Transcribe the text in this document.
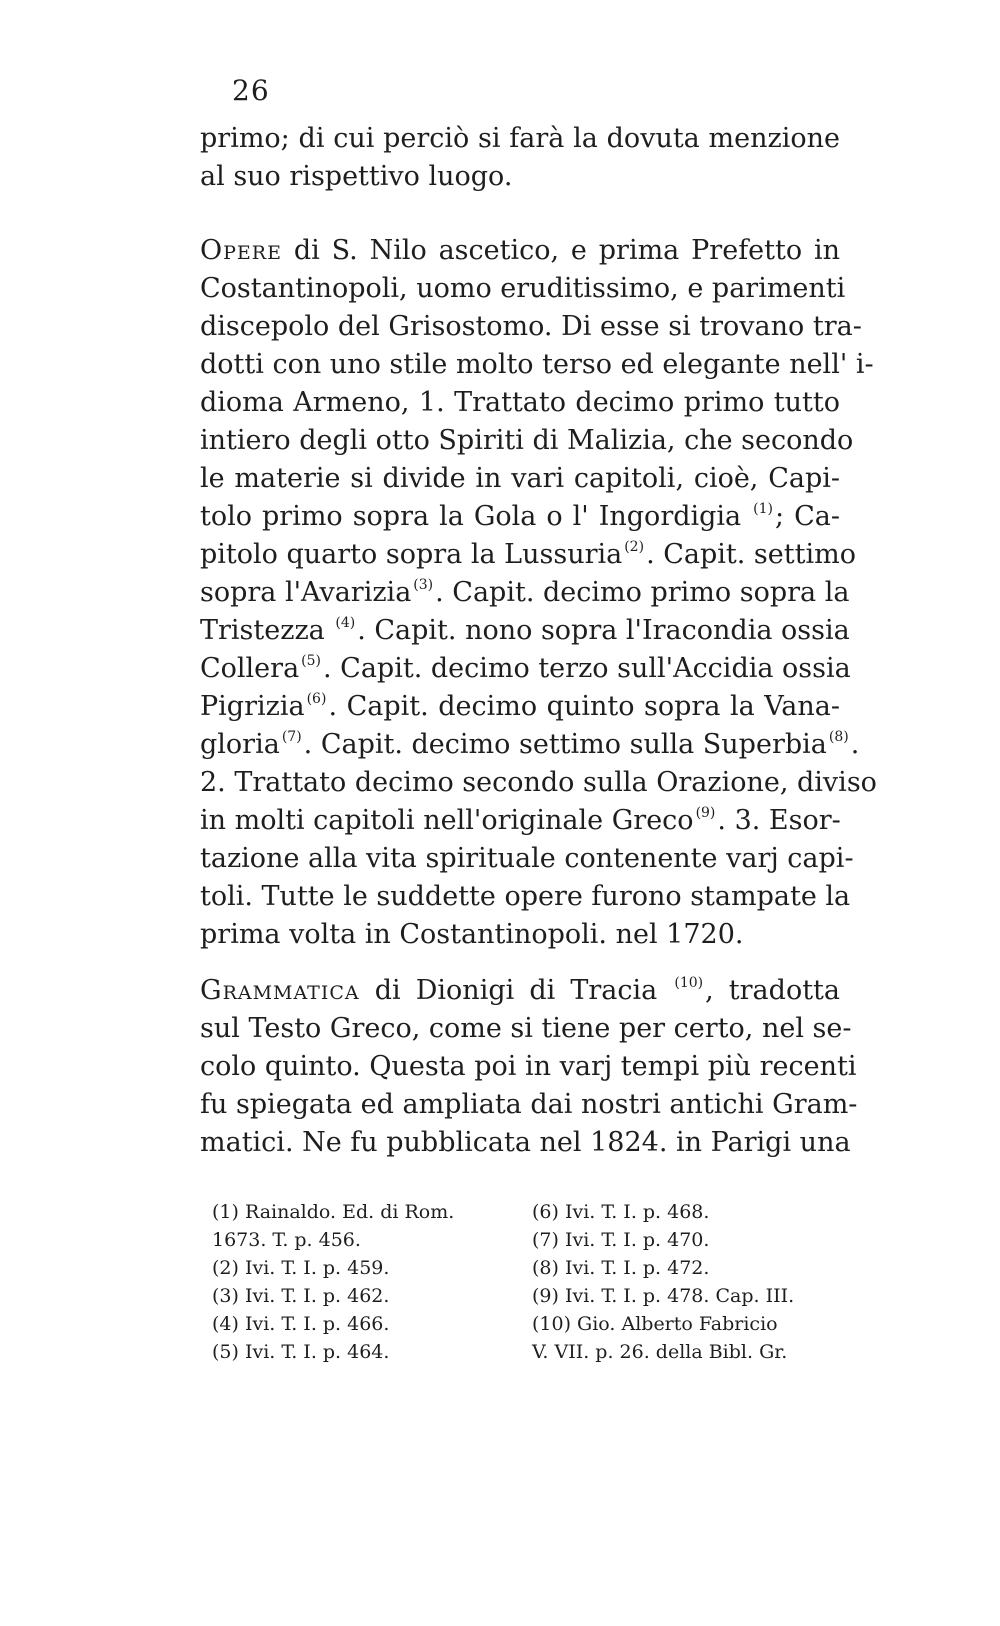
26
primo; di cui perciò si farà la dovuta menzione
al suo rispettivo luogo.
Opere di S. Nilo ascetico, e prima Prefetto in
Costantinopoli, uomo eruditissimo, e parimenti
discepolo del Grisostomo. Di esse si trovano tra-
dotti con uno stile molto terso ed elegante nell' i-
dioma Armeno, 1. Trattato decimo primo tutto
intiero degli otto Spiriti di Malizia, che secondo
le materie si divide in vari capitoli, cioè, Capi-
tolo primo sopra la Gola o l' Ingordigia $^{(1)}$; Ca-
pitolo quarto sopra la Lussuria $^{(2)}$. Capit. settimo
sopra l'Avarizia $^{(3)}$. Capit. decimo primo sopra la
Tristezza $^{(4)}$. Capit. nono sopra l'Iracondia ossia
Collera $^{(5)}$. Capit. decimo terzo sull'Accidia ossia
Pigrizia $^{(6)}$. Capit. decimo quinto sopra la Vana-
gloria $^{(7)}$. Capit. decimo settimo sulla Superbia $^{(8)}$.
2. Trattato decimo secondo sulla Orazione, diviso
in molti capitoli nell'originale Greco $^{(9)}$. 3. Esor-
tazione alla vita spirituale contenente varj capi-
toli. Tutte le suddette opere furono stampate la
prima volta in Costantinopoli. nel 1720.
Grammatica di Dionigi di Tracia $^{(10)}$, tradotta
sul Testo Greco, come si tiene per certo, nel se-
colo quinto. Questa poi in varj tempi più recenti
fu spiegata ed ampliata dai nostri antichi Gram-
matici. Ne fu pubblicata nel 1824. in Parigi una
(1) Rainaldo. Ed. di Rom.
1673. T. p. 456.
(2) Ivi. T. I. p. 459.
(3) Ivi. T. I. p. 462.
(4) Ivi. T. I. p. 466.
(5) Ivi. T. I. p. 464.
(6) Ivi. T. I. p. 468.
(7) Ivi. T. I. p. 470.
(8) Ivi. T. I. p. 472.
(9) Ivi. T. I. p. 478. Cap. III.
(10) Gio. Alberto Fabricio
V. VII. p. 26. della Bibl. Gr.
